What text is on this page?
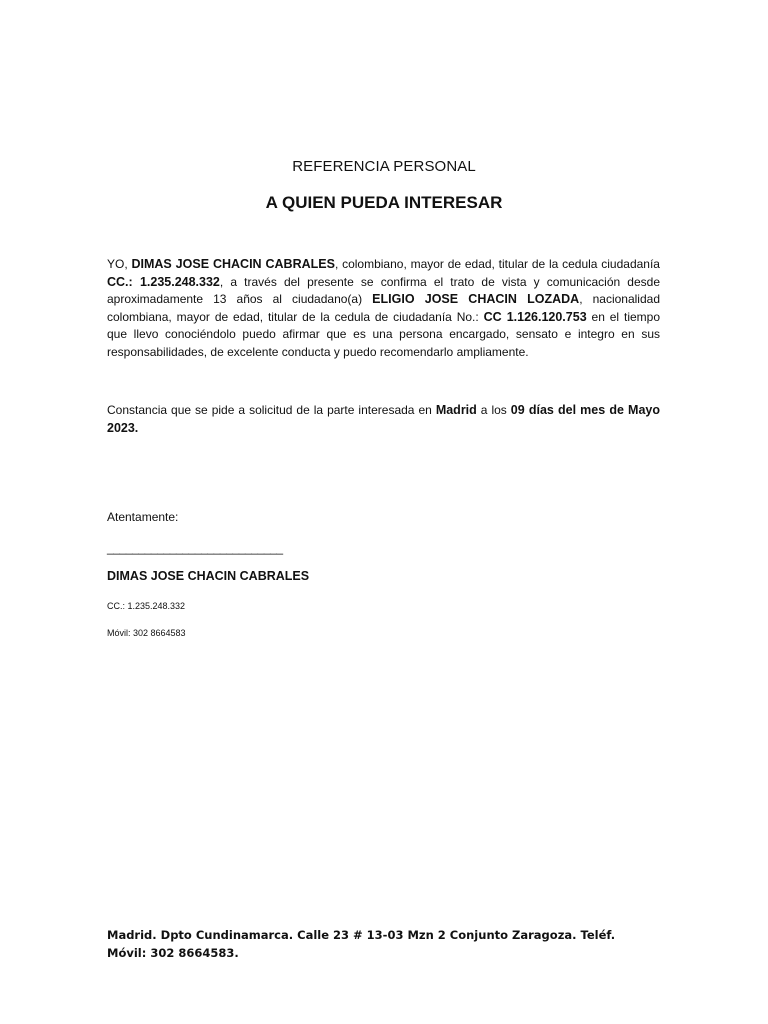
REFERENCIA PERSONAL
A QUIEN PUEDA INTERESAR

YO, DIMAS JOSE CHACIN CABRALES, colombiano, mayor de edad, titular de la cedula ciudadanía CC.: 1.235.248.332, a través del presente se confirma el trato de vista y comunicación desde aproximadamente 13 años al ciudadano(a) ELIGIO JOSE CHACIN LOZADA, nacionalidad colombiana, mayor de edad, titular de la cedula de ciudadanía No.: CC 1.126.120.753 en el tiempo que llevo conociéndolo puedo afirmar que es una persona encargado, sensato e integro en sus responsabilidades, de excelente conducta y puedo recomendarlo ampliamente.

Constancia que se pide a solicitud de la parte interesada en Madrid a los 09 días del mes de Mayo 2023.

Atentamente:

____________________________

DIMAS JOSE CHACIN CABRALES

CC.: 1.235.248.332

Móvil: 302 8664583

Madrid. Dpto Cundinamarca. Calle 23 # 13-03 Mzn 2 Conjunto Zaragoza. Teléf. Móvil: 302 8664583.
